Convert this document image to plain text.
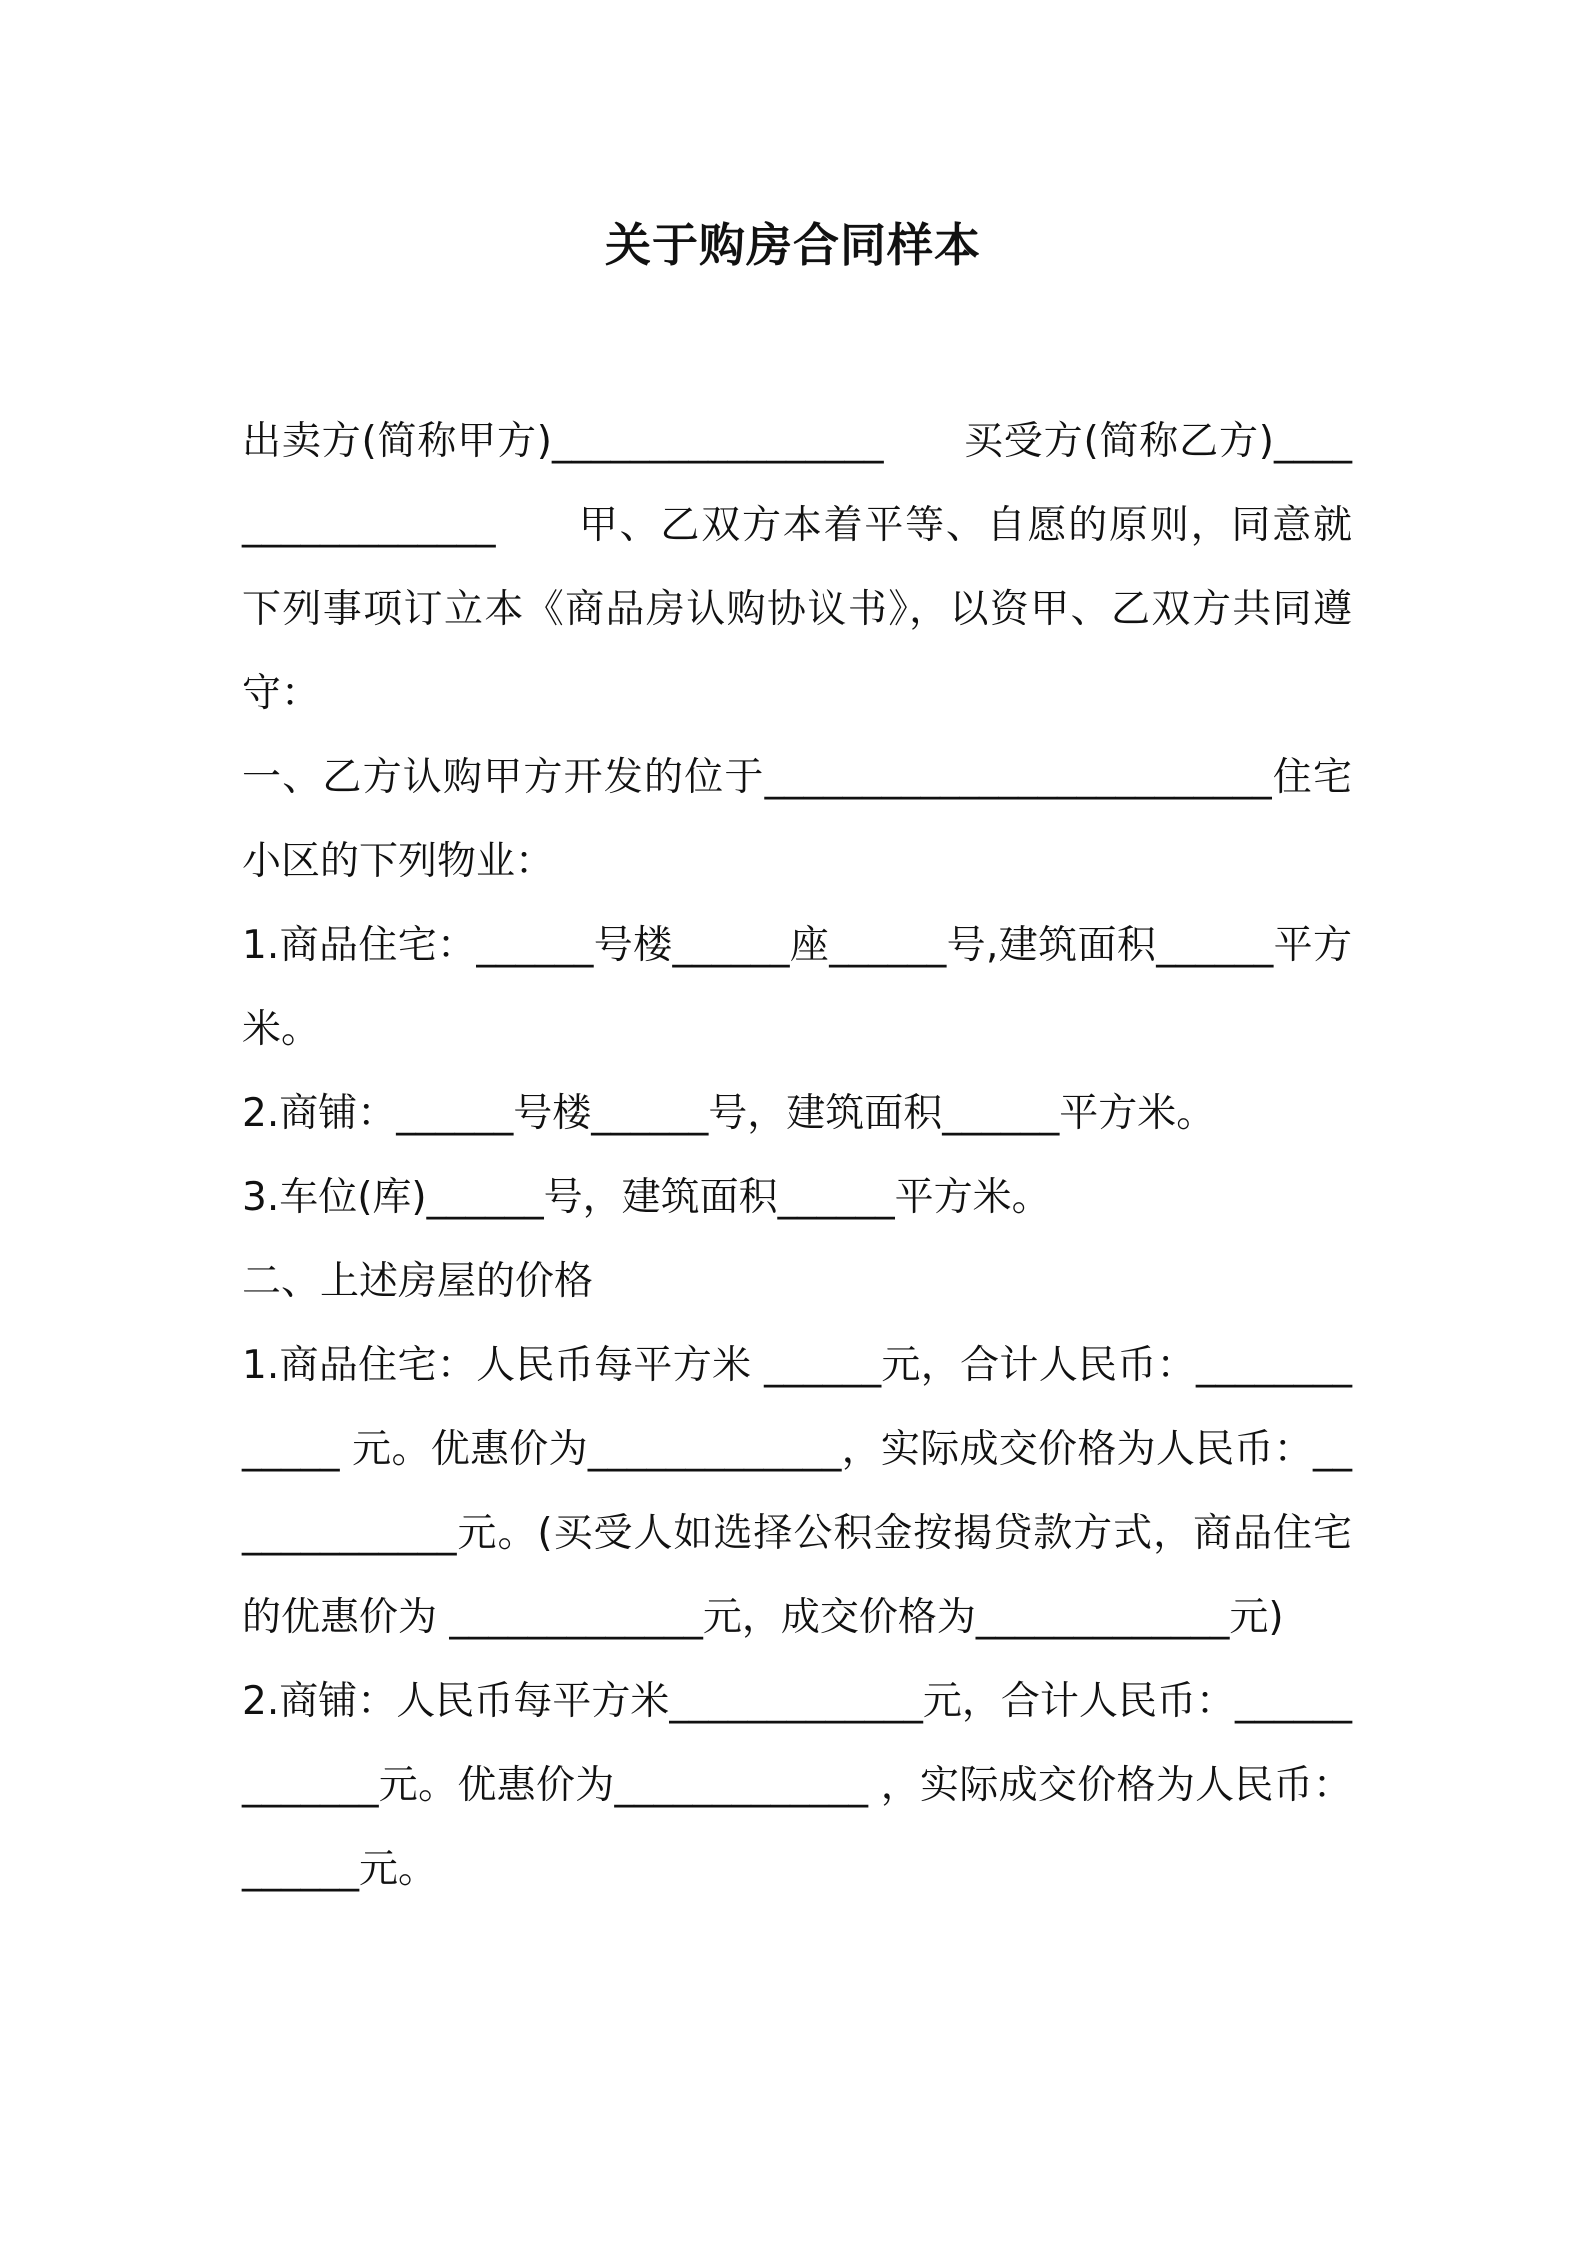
关于购房合同样本

出卖方(简称甲方)_________________　　买受方(简称乙方)_________________　　甲、乙双方本着平等、自愿的原则，同意就下列事项订立本《商品房认购协议书》，以资甲、乙双方共同遵守：

一、乙方认购甲方开发的位于__________________________住宅小区的下列物业：

1.商品住宅：______号楼______座______号,建筑面积______平方米。

2.商铺：______号楼______号，建筑面积______平方米。

3.车位(库)______号，建筑面积______平方米。

二、上述房屋的价格

1.商品住宅：人民币每平方米 ______元，合计人民币：_____________ 元。优惠价为_____________，实际成交价格为人民币：_____________元。(买受人如选择公积金按揭贷款方式，商品住宅的优惠价为 _____________元，成交价格为_____________元)

2.商铺：人民币每平方米_____________元，合计人民币：_____________元。优惠价为_____________ ，实际成交价格为人民币：______元。
